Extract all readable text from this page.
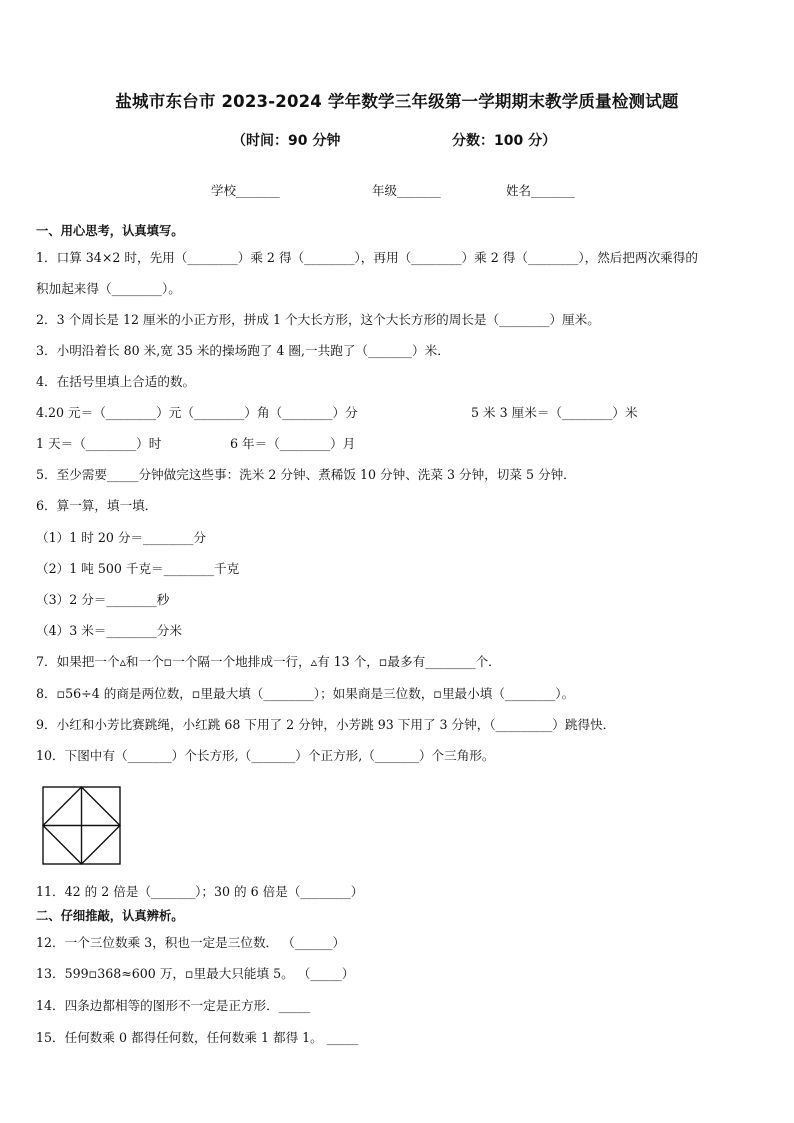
盐城市东台市 2023-2024 学年数学三年级第一学期期末教学质量检测试题
（时间：90 分钟	分数：100 分）
学校_______	年级_______	姓名_______
一、用心思考，认真填写。
1．口算 34×2 时，先用（________）乘 2 得（________），再用（________）乘 2 得（________），然后把两次乘得的
积加起来得（________）。
2．3 个周长是 12 厘米的小正方形，拼成 1 个大长方形，这个大长方形的周长是（________）厘米。
3．小明沿着长 80 米,宽 35 米的操场跑了 4 圈,一共跑了（_______）米．
4．在括号里填上合适的数。
4.20 元＝（________）元（________）角（________）分	5 米 3 厘米＝（________）米
1 天＝（________）时	6 年＝（________）月
5．至少需要_____分钟做完这些事：洗米 2 分钟、煮稀饭 10 分钟、洗菜 3 分钟，切菜 5 分钟．
6．算一算，填一填．
（1）1 时 20 分＝________分
（2）1 吨 500 千克＝________千克
（3）2 分＝________秒
（4）3 米＝________分米
7．如果把一个▵和一个▫一个隔一个地排成一行，▵有 13 个，▫最多有________个．
8．▫56÷4 的商是两位数，▫里最大填（________）；如果商是三位数，▫里最小填（________）。
9．小红和小芳比赛跳绳，小红跳 68 下用了 2 分钟，小芳跳 93 下用了 3 分钟，（_________）跳得快．
10．下图中有（_______）个长方形,（_______）个正方形,（_______）个三角形。
11．42 的 2 倍是（_______）；30 的 6 倍是（________）
二、仔细推敲，认真辨析。
12．一个三位数乘 3，积也一定是三位数． （______）
13．599▫368≈600 万，▫里最大只能填 5。 （_____）
14．四条边都相等的图形不一定是正方形．_____
15．任何数乘 0 都得任何数，任何数乘 1 都得 1。 _____
